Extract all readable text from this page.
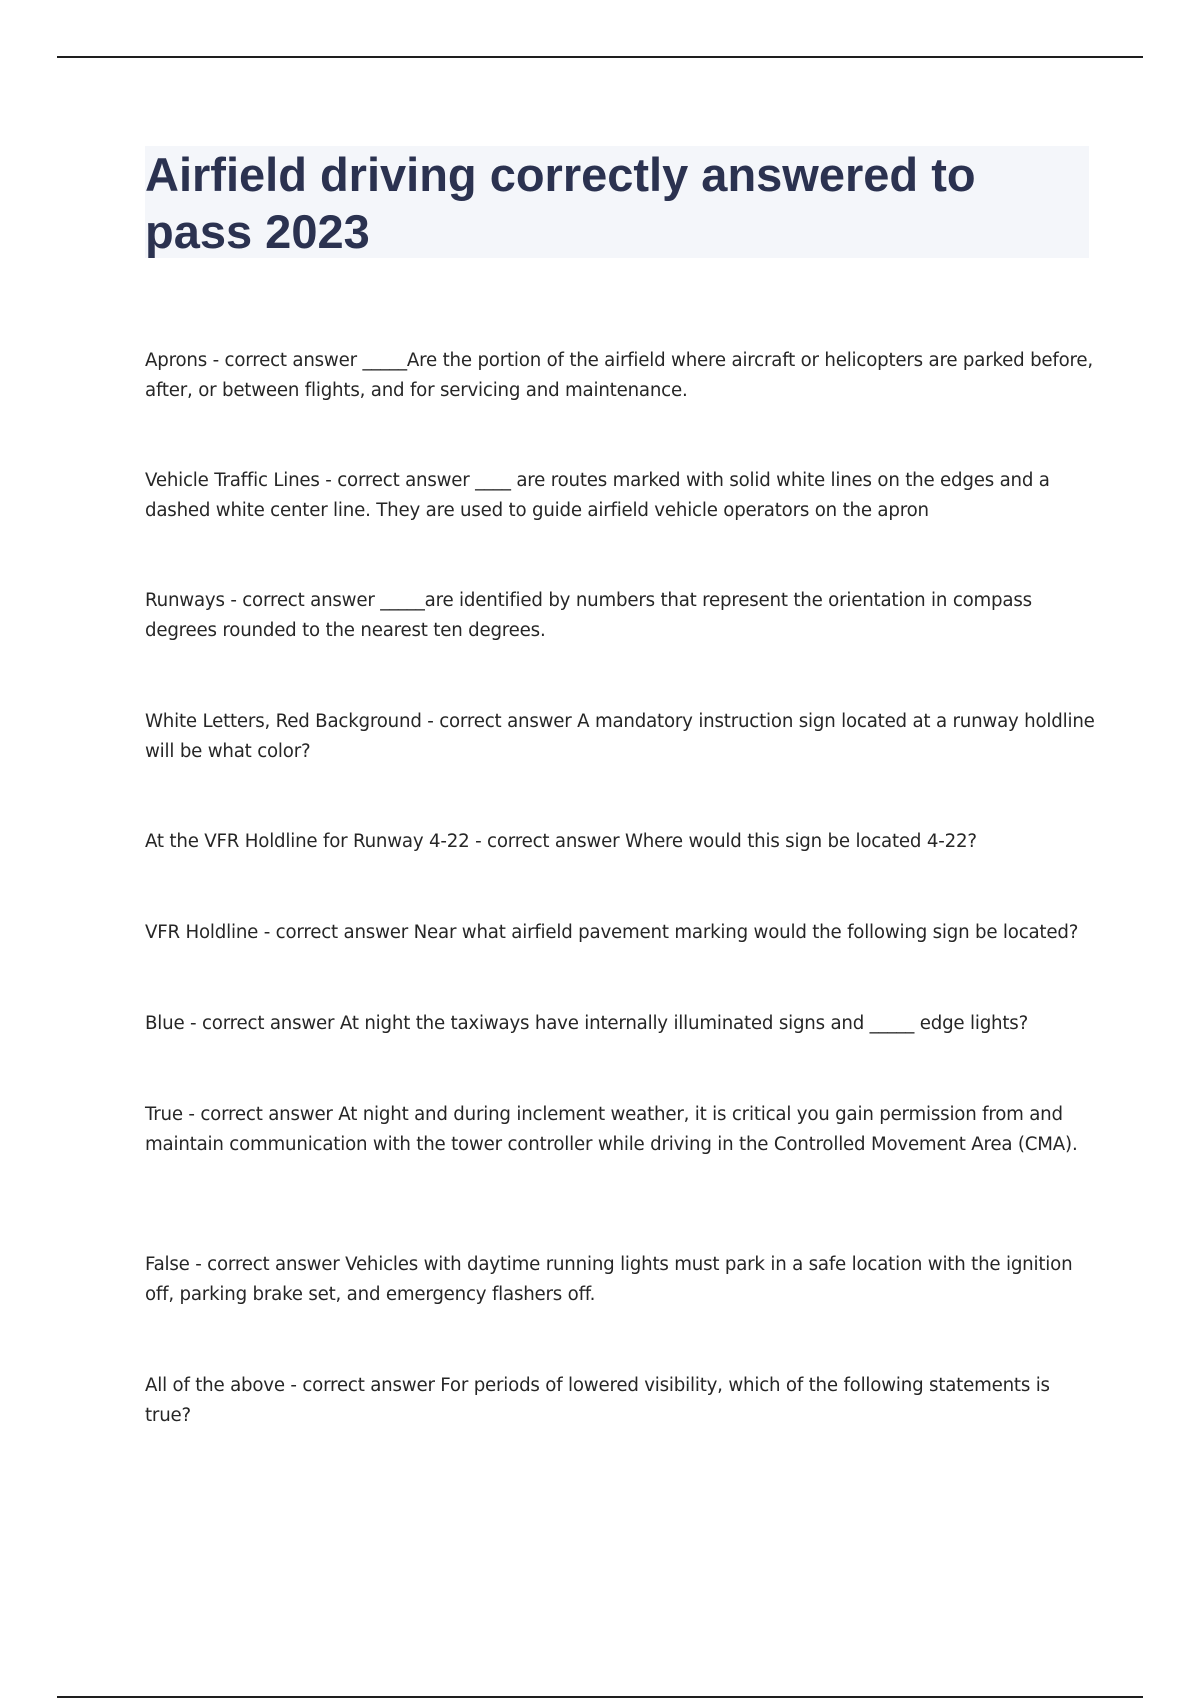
Airfield driving correctly answered to pass 2023
Aprons - correct answer _____Are the portion of the airfield where aircraft or helicopters are parked before, after, or between flights, and for servicing and maintenance.
Vehicle Traffic Lines - correct answer ____ are routes marked with solid white lines on the edges and a dashed white center line. They are used to guide airfield vehicle operators on the apron
Runways - correct answer _____are identified by numbers that represent the orientation in compass degrees rounded to the nearest ten degrees.
White Letters, Red Background - correct answer A mandatory instruction sign located at a runway holdline will be what color?
At the VFR Holdline for Runway 4-22 - correct answer Where would this sign be located 4-22?
VFR Holdline - correct answer Near what airfield pavement marking would the following sign be located?
Blue - correct answer At night the taxiways have internally illuminated signs and _____ edge lights?
True - correct answer At night and during inclement weather, it is critical you gain permission from and maintain communication with the tower controller while driving in the Controlled Movement Area (CMA).
False - correct answer Vehicles with daytime running lights must park in a safe location with the ignition off, parking brake set, and emergency flashers off.
All of the above - correct answer For periods of lowered visibility, which of the following statements is true?
